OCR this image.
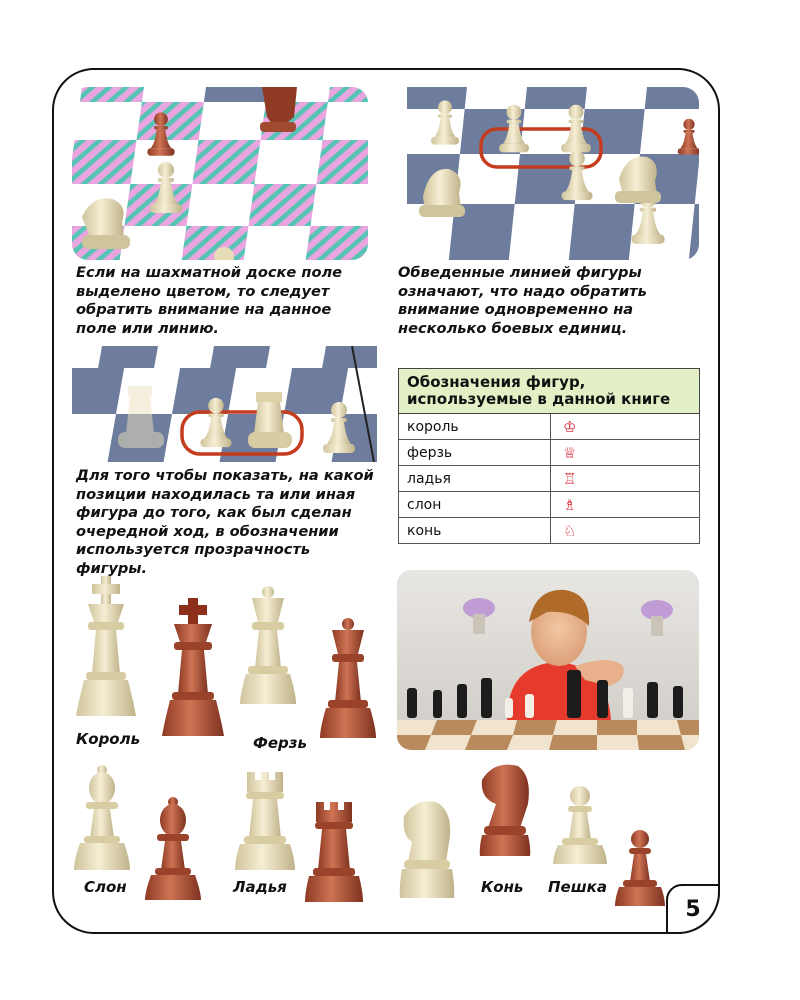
Если на шахматной доске поле выделено цветом, то следует обратить внимание на данное поле или линию.

Обведенные линией фигуры означают, что надо обратить внимание одновременно на несколько боевых единиц.

Для того чтобы показать, на какой позиции находилась та или иная фигура до того, как был сделан очередной ход, в обозначении используется прозрачность фигуры.

Обозначения фигур, используемые в данной книге	
король	♔
ферзь	♕
ладья	♖
слон	♗
конь	♘
Король	Ферзь
Слон	Ладья	Конь Пешка
5
